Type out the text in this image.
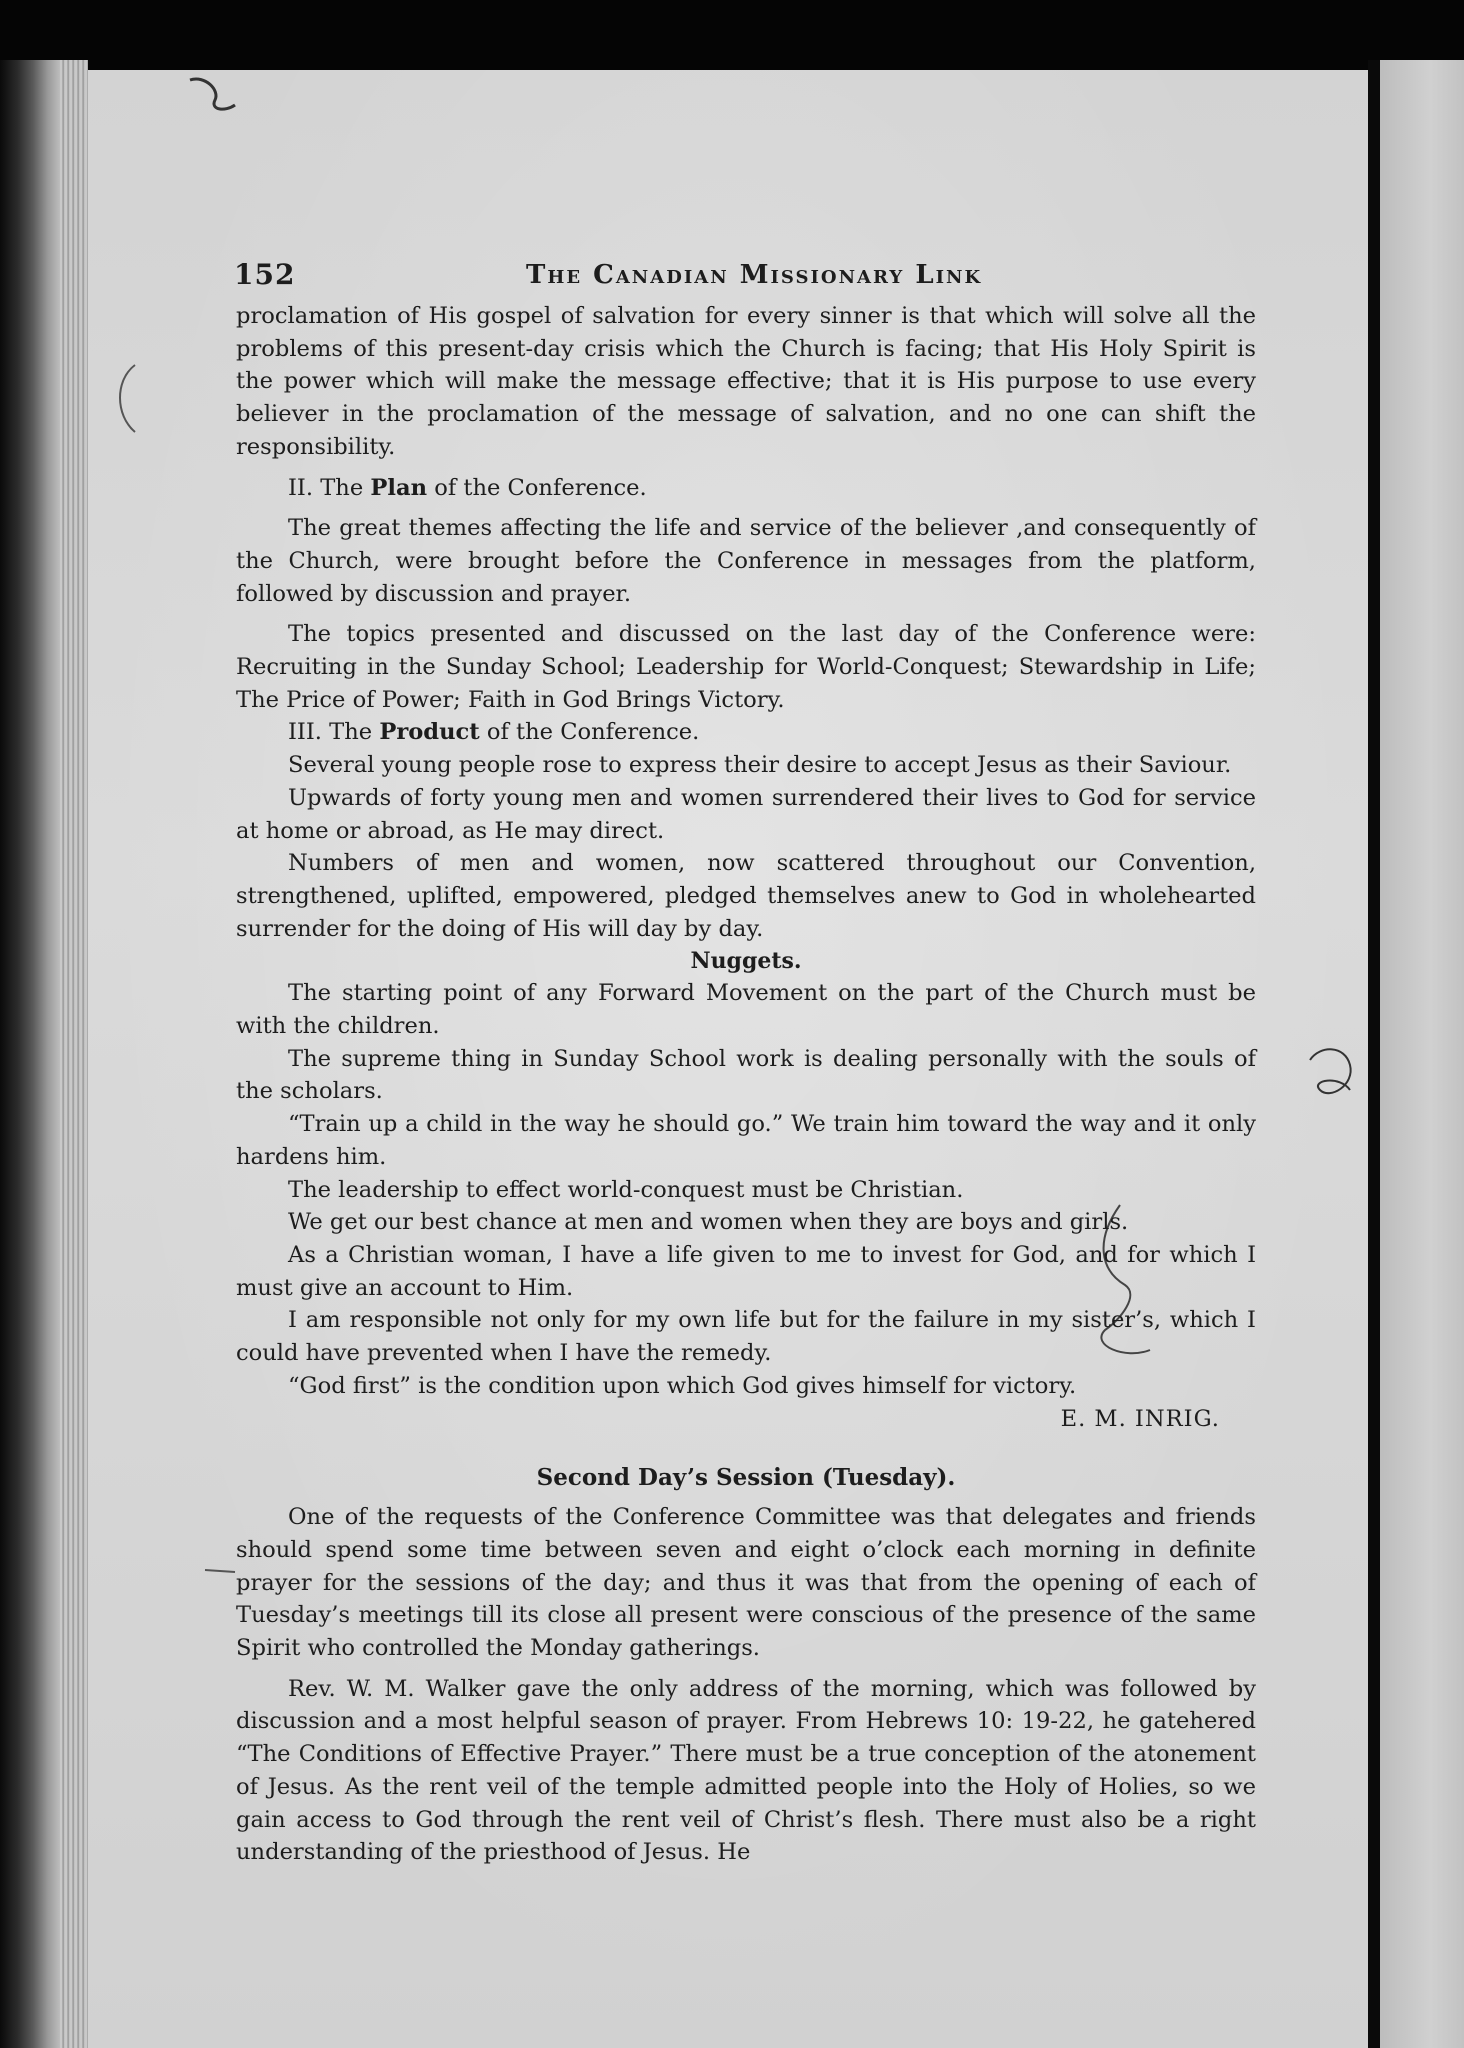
152	The Canadian Missionary Link

proclamation of His gospel of salvation for every sinner is that which will solve all the problems of this present-day crisis which the Church is facing; that His Holy Spirit is the power which will make the message effective; that it is His purpose to use every believer in the proclamation of the message of salvation, and no one can shift the responsibility.

II. The Plan of the Conference.

The great themes affecting the life and service of the believer ,and consequently of the Church, were brought before the Conference in messages from the platform, followed by discussion and prayer.

The topics presented and discussed on the last day of the Conference were: Recruiting in the Sunday School; Leadership for World-Conquest; Stewardship in Life; The Price of Power; Faith in God Brings Victory.

III. The Product of the Conference.

Several young people rose to express their desire to accept Jesus as their Saviour.

Upwards of forty young men and women surrendered their lives to God for service at home or abroad, as He may direct.

Numbers of men and women, now scattered throughout our Convention, strengthened, uplifted, empowered, pledged themselves anew to God in wholehearted surrender for the doing of His will day by day.

Nuggets.

The starting point of any Forward Movement on the part of the Church must be with the children.

The supreme thing in Sunday School work is dealing personally with the souls of the scholars.

“Train up a child in the way he should go.” We train him toward the way and it only hardens him.

The leadership to effect world-conquest must be Christian.

We get our best chance at men and women when they are boys and girls.

As a Christian woman, I have a life given to me to invest for God, and for which I must give an account to Him.

I am responsible not only for my own life but for the failure in my sister’s, which I could have prevented when I have the remedy.

“God first” is the condition upon which God gives himself for victory.

E. M. INRIG.
Second Day’s Session (Tuesday).

One of the requests of the Conference Committee was that delegates and friends should spend some time between seven and eight o’clock each morning in definite prayer for the sessions of the day; and thus it was that from the opening of each of Tuesday’s meetings till its close all present were conscious of the presence of the same Spirit who controlled the Monday gatherings.

Rev. W. M. Walker gave the only address of the morning, which was followed by discussion and a most helpful season of prayer. From Hebrews 10: 19-22, he gatehered “The Conditions of Effective Prayer.” There must be a true conception of the atonement of Jesus. As the rent veil of the temple admitted people into the Holy of Holies, so we gain access to God through the rent veil of Christ’s flesh. There must also be a right understanding of the priesthood of Jesus. He
